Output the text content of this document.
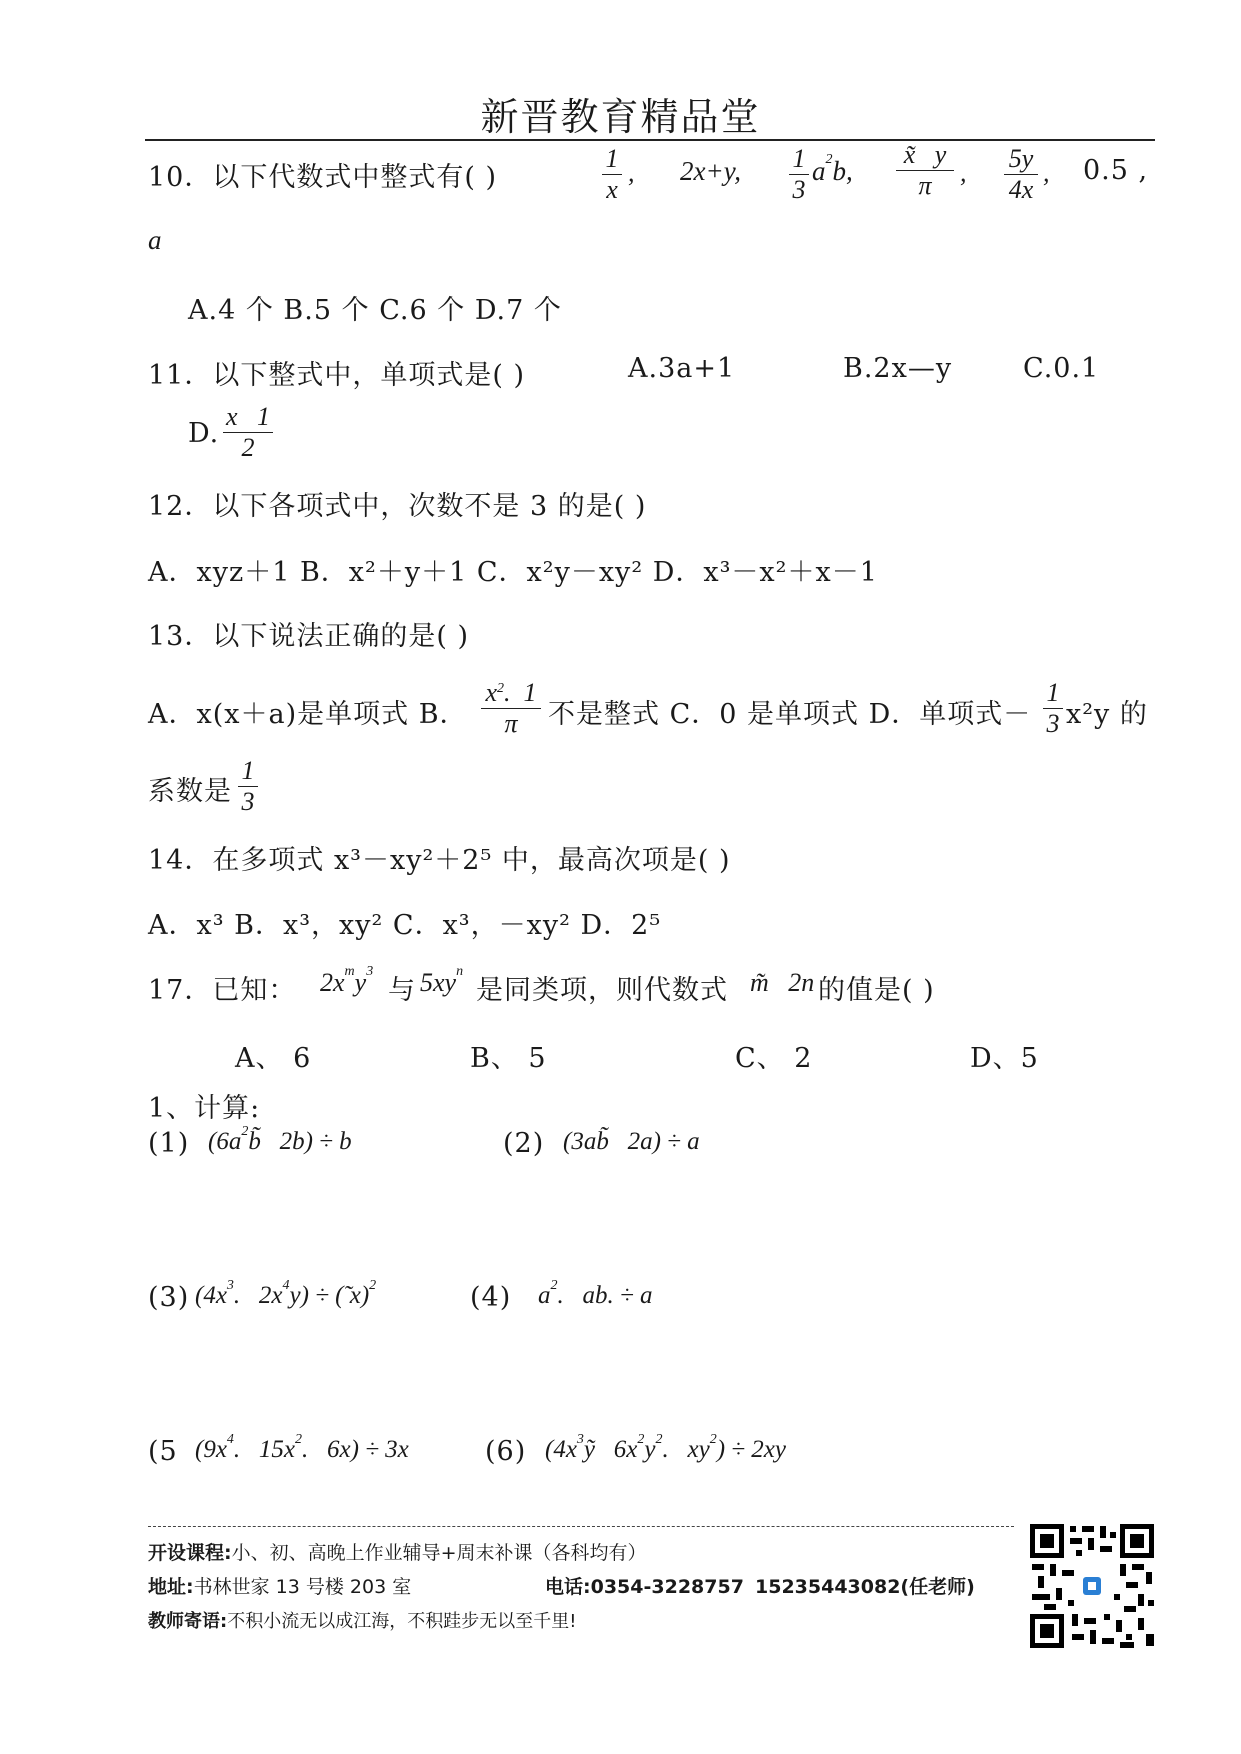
新晋教育精品堂
10．以下代数式中整式有( )
1
x
, 2x+y, 1
3
$a^2b$,
x̃   y
π	, 5y
4x
, 0.5 ,
a
A.4 个 B.5 个 C.6 个 D.7 个
11．以下整式中，单项式是( )	A.3a+1	B.2x—y	C.0.1
D.
x   1
2
12．以下各项式中，次数不是 3 的是( )
A．xyz＋1 B．x²＋y＋1 C．x²y－xy² D．x³－x²＋x－1
13．以下说法正确的是( )
A．x(x＋a)是单项式 B．
$x^2$.  1
π	不是整式 C．0 是单项式 D．单项式－
1
3 x²y 的
系数是
1
3
14．在多项式 x³－xy²＋2⁵ 中，最高次项是( )
A．x³ B．x³，xy² C．x³，－xy² D．2⁵
17．已知： $2x^my^3$
与 $5xy^n$
是同类项，则代数式 m̃   2n 的值是( )
A、 6	B、 5	C、 2	D、5
1、计算:
(1) ($6a^2b̃$   2b) ÷ b	(2) (3ab̃   2a) ÷ a
(3) ($4x^3$.   $2x^4y$) ÷ (̃ x)$^2$	(4) $a^2$.   ab. ÷ a
(5 ($9x^4$.   $15x^2$.   6x) ÷ 3x	(6) ($4x^3ỹ$   $6x^2y^2$.   $xy^2) \div 2xy$
开设课程:小、初、高晚上作业辅导+周末补课（各科均有）
地址:书林世家 13 号楼 203 室	电话:0354-3228757 15235443082(任老师)
教师寄语:不积小流无以成江海，不积跬步无以至千里!
